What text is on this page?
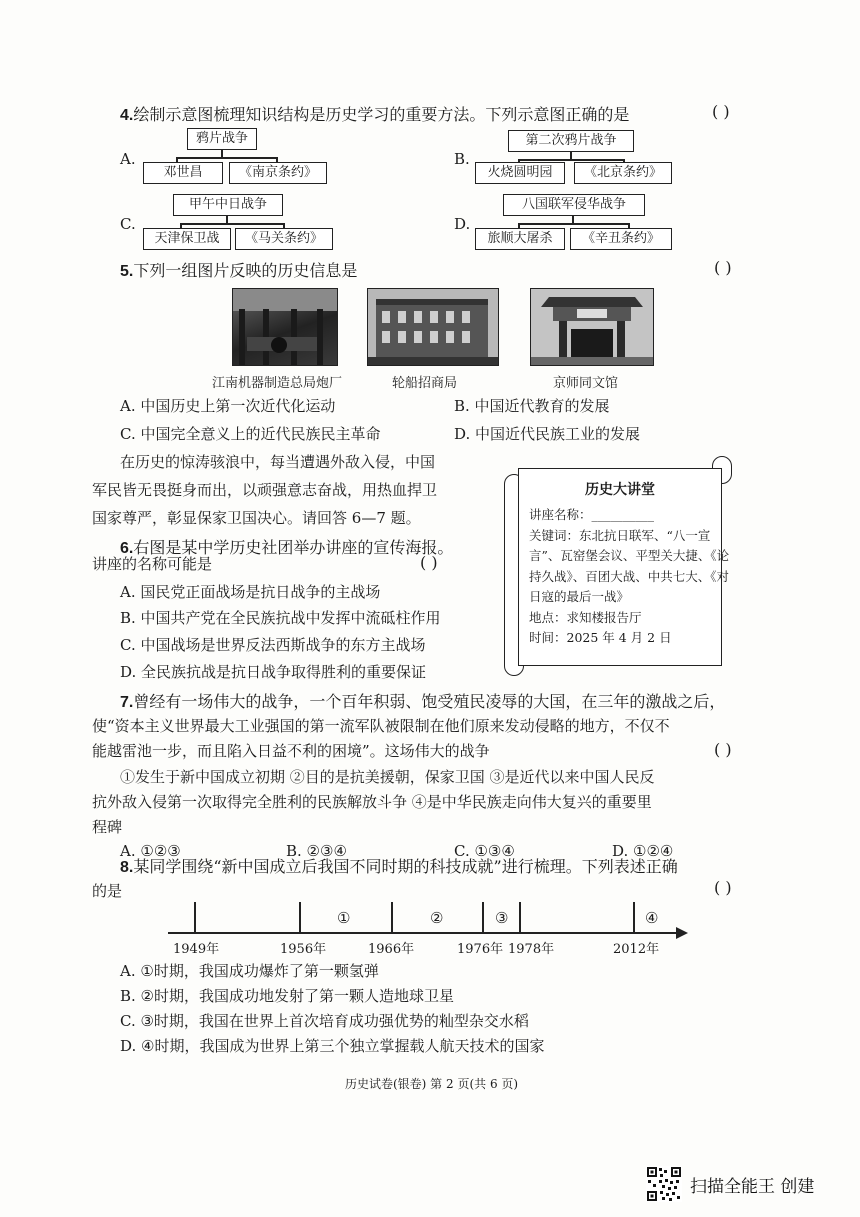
4.绘制示意图梳理知识结构是历史学习的重要方法。下列示意图正确的是	( )
A.
鸦片战争
邓世昌	《南京条约》
B.
第二次鸦片战争
火烧圆明园	《北京条约》
C.
甲午中日战争
天津保卫战	《马关条约》
D.
八国联军侵华战争
旅顺大屠杀	《辛丑条约》
5.下列一组图片反映的历史信息是	( )
江南机器制造总局炮厂	轮船招商局	京师同文馆
A. 中国历史上第一次近代化运动	B. 中国近代教育的发展
C. 中国完全意义上的近代民族民主革命	D. 中国近代民族工业的发展
在历史的惊涛骇浪中，每当遭遇外敌入侵，中国
军民皆无畏挺身而出，以顽强意志奋战，用热血捍卫
国家尊严，彰显保家卫国决心。请回答 6—7 题。
历史大讲堂
讲座名称：__________
关键词：东北抗日联军、“八一宣
言”、瓦窑堡会议、平型关大捷、《论
持久战》、百团大战、中共七大、《对
日寇的最后一战》
地点：求知楼报告厅
时间：2025 年 4 月 2 日
6.右图是某中学历史社团举办讲座的宣传海报。
讲座的名称可能是	( )
A. 国民党正面战场是抗日战争的主战场
B. 中国共产党在全民族抗战中发挥中流砥柱作用
C. 中国战场是世界反法西斯战争的东方主战场
D. 全民族抗战是抗日战争取得胜利的重要保证
7.曾经有一场伟大的战争，一个百年积弱、饱受殖民凌辱的大国，在三年的激战之后，
使“资本主义世界最大工业强国的第一流军队被限制在他们原来发动侵略的地方，不仅不
能越雷池一步，而且陷入日益不利的困境”。这场伟大的战争	( )
①发生于新中国成立初期 ②目的是抗美援朝，保家卫国 ③是近代以来中国人民反
抗外敌入侵第一次取得完全胜利的民族解放斗争 ④是中华民族走向伟大复兴的重要里
程碑
A. ①②③	B. ②③④	C. ①③④	D. ①②④
8.某同学围绕“新中国成立后我国不同时期的科技成就”进行梳理。下列表述正确
的是	( )
1949年	1956年	1966年	1976年 1978年	2012年
①	②	③	④
A. ①时期，我国成功爆炸了第一颗氢弹
B. ②时期，我国成功地发射了第一颗人造地球卫星
C. ③时期，我国在世界上首次培育成功强优势的籼型杂交水稻
D. ④时期，我国成为世界上第三个独立掌握载人航天技术的国家
历史试卷(银卷) 第 2 页(共 6 页)
扫描全能王 创建
